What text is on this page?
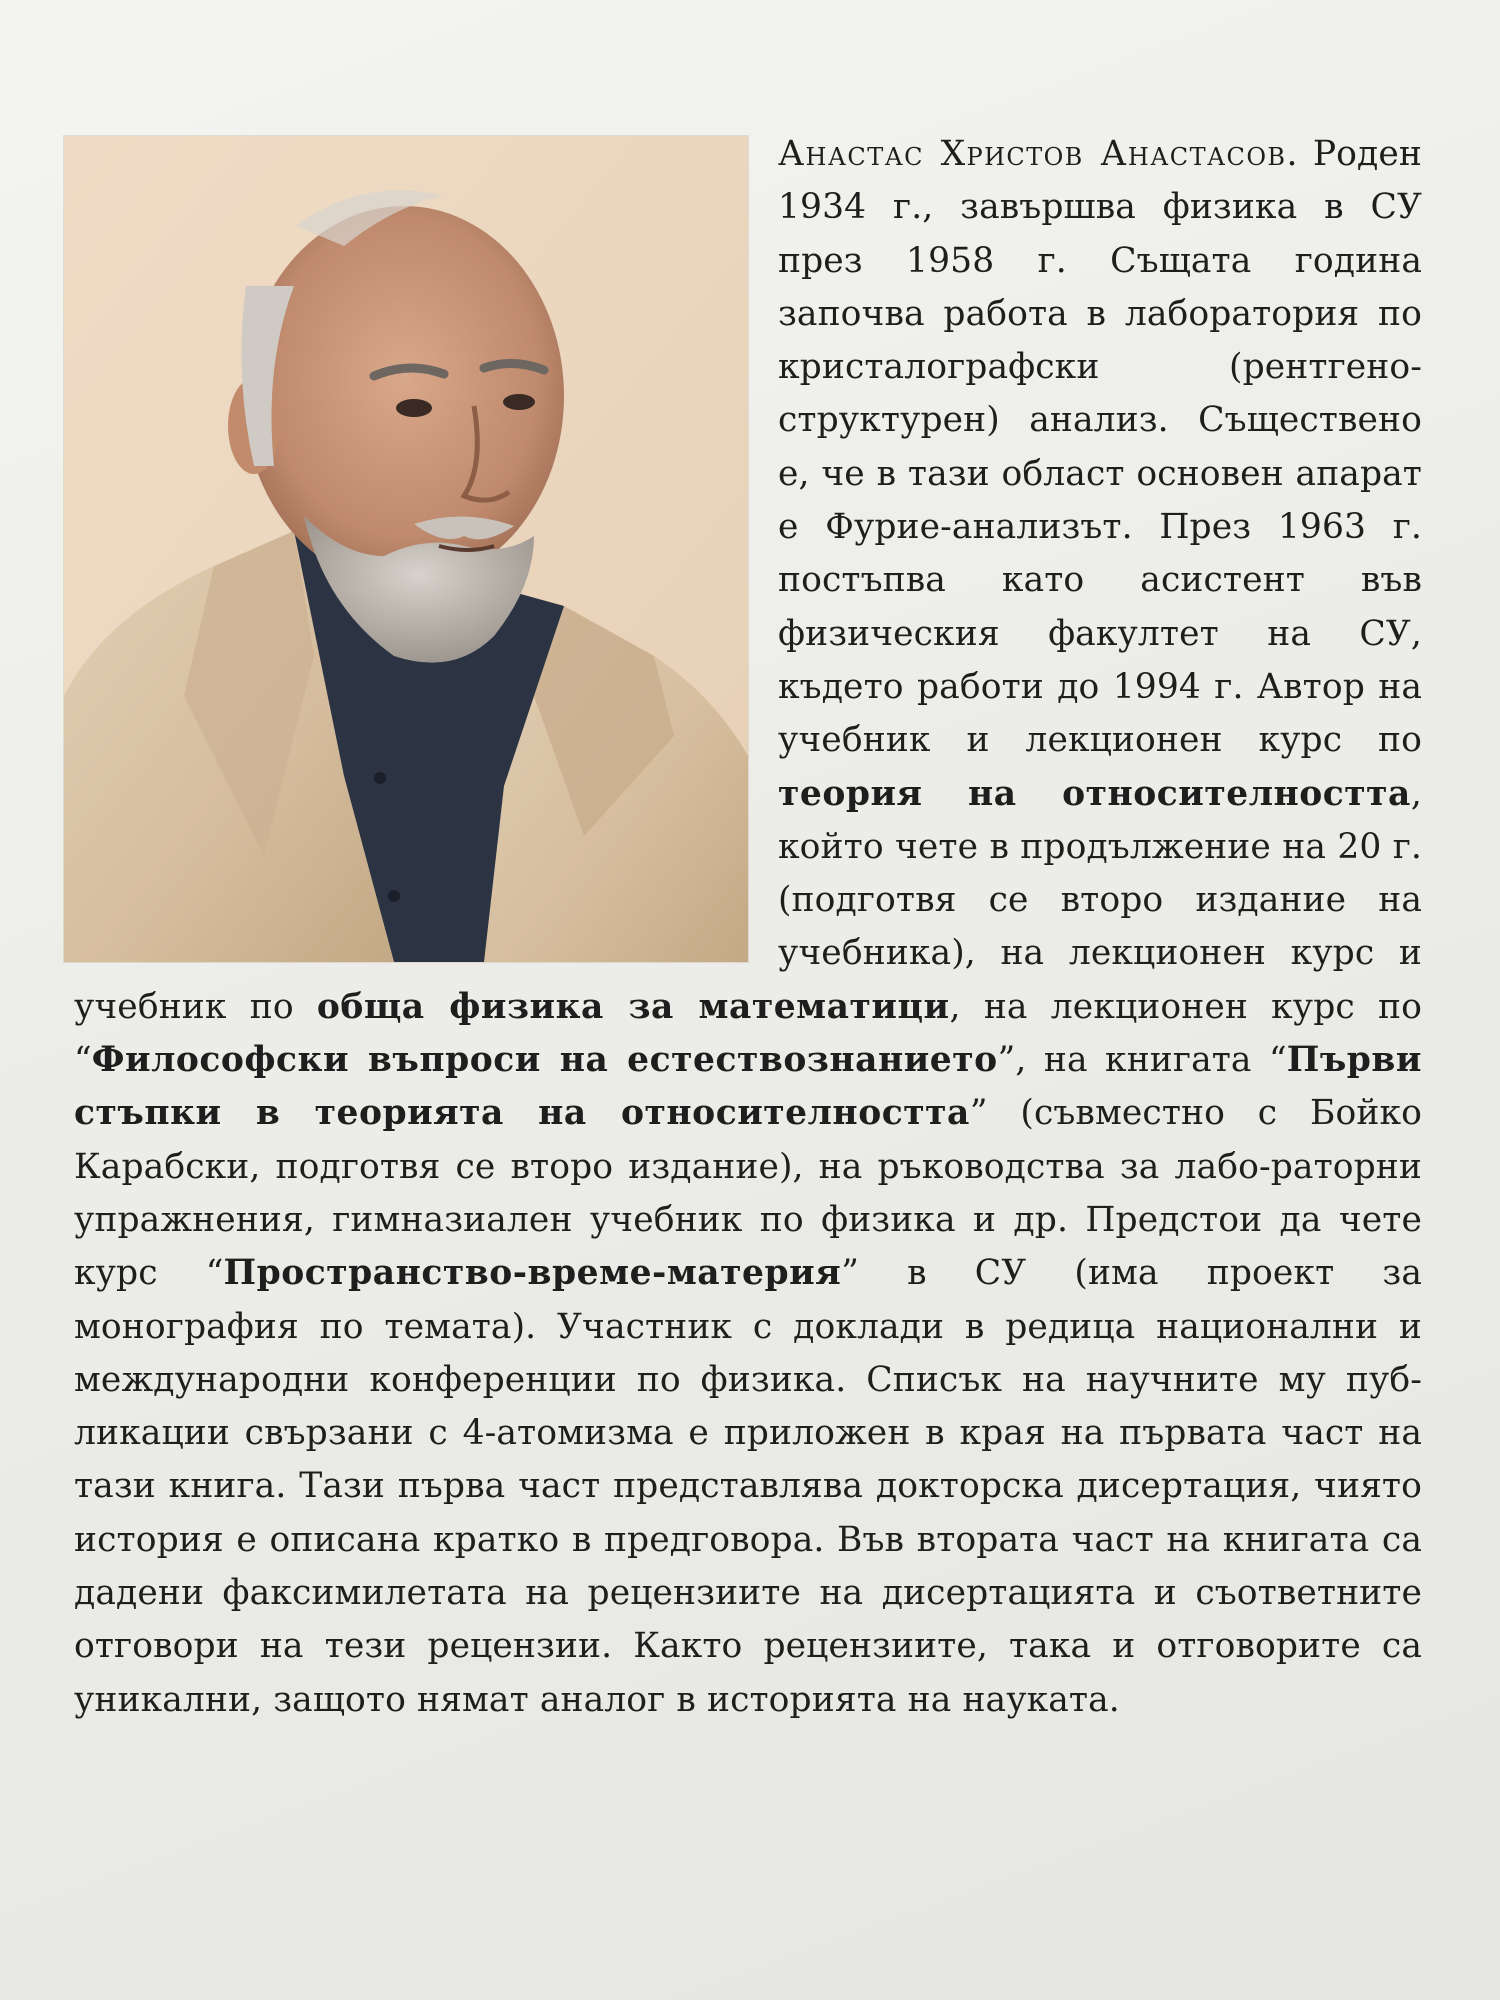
Анастас Христов Анастасов. Роден 1934 г., завършва физика в СУ през 1958 г. Същата година започва работа в лаборатория по кристалографски (рентгено-структурен) анализ. Съществено е, че в тази област основен апарат е Фурие-анализът. През 1963 г. постъпва като асистент във физическия факултет на СУ, където работи до 1994 г. Автор на учебник и лекционен курс по теория на относителността, който чете в продължение на 20 г. (подготвя се второ издание на учебника), на лекционен курс и учебник по обща физика за математици, на лекционен курс по “Философски въпроси на естествознанието”, на книгата “Първи стъпки в теорията на относителността” (съвместно с Бойко Карабски, подготвя се второ издание), на ръководства за лабо-раторни упражнения, гимназиален учебник по физика и др. Предстои да чете курс “Пространство-време-материя” в СУ (има проект за монография по темата). Участник с доклади в редица национални и международни конференции по физика. Списък на научните му пуб-ликации свързани с 4-атомизма е приложен в края на първата част на тази книга. Тази първа част представлява докторска дисертация, чиято история е описана кратко в предговора. Във втората част на книгата са дадени факсимилетата на рецензиите на дисертацията и съответните отговори на тези рецензии. Както рецензиите, така и отговорите са уникални, защото нямат аналог в историята на науката.
